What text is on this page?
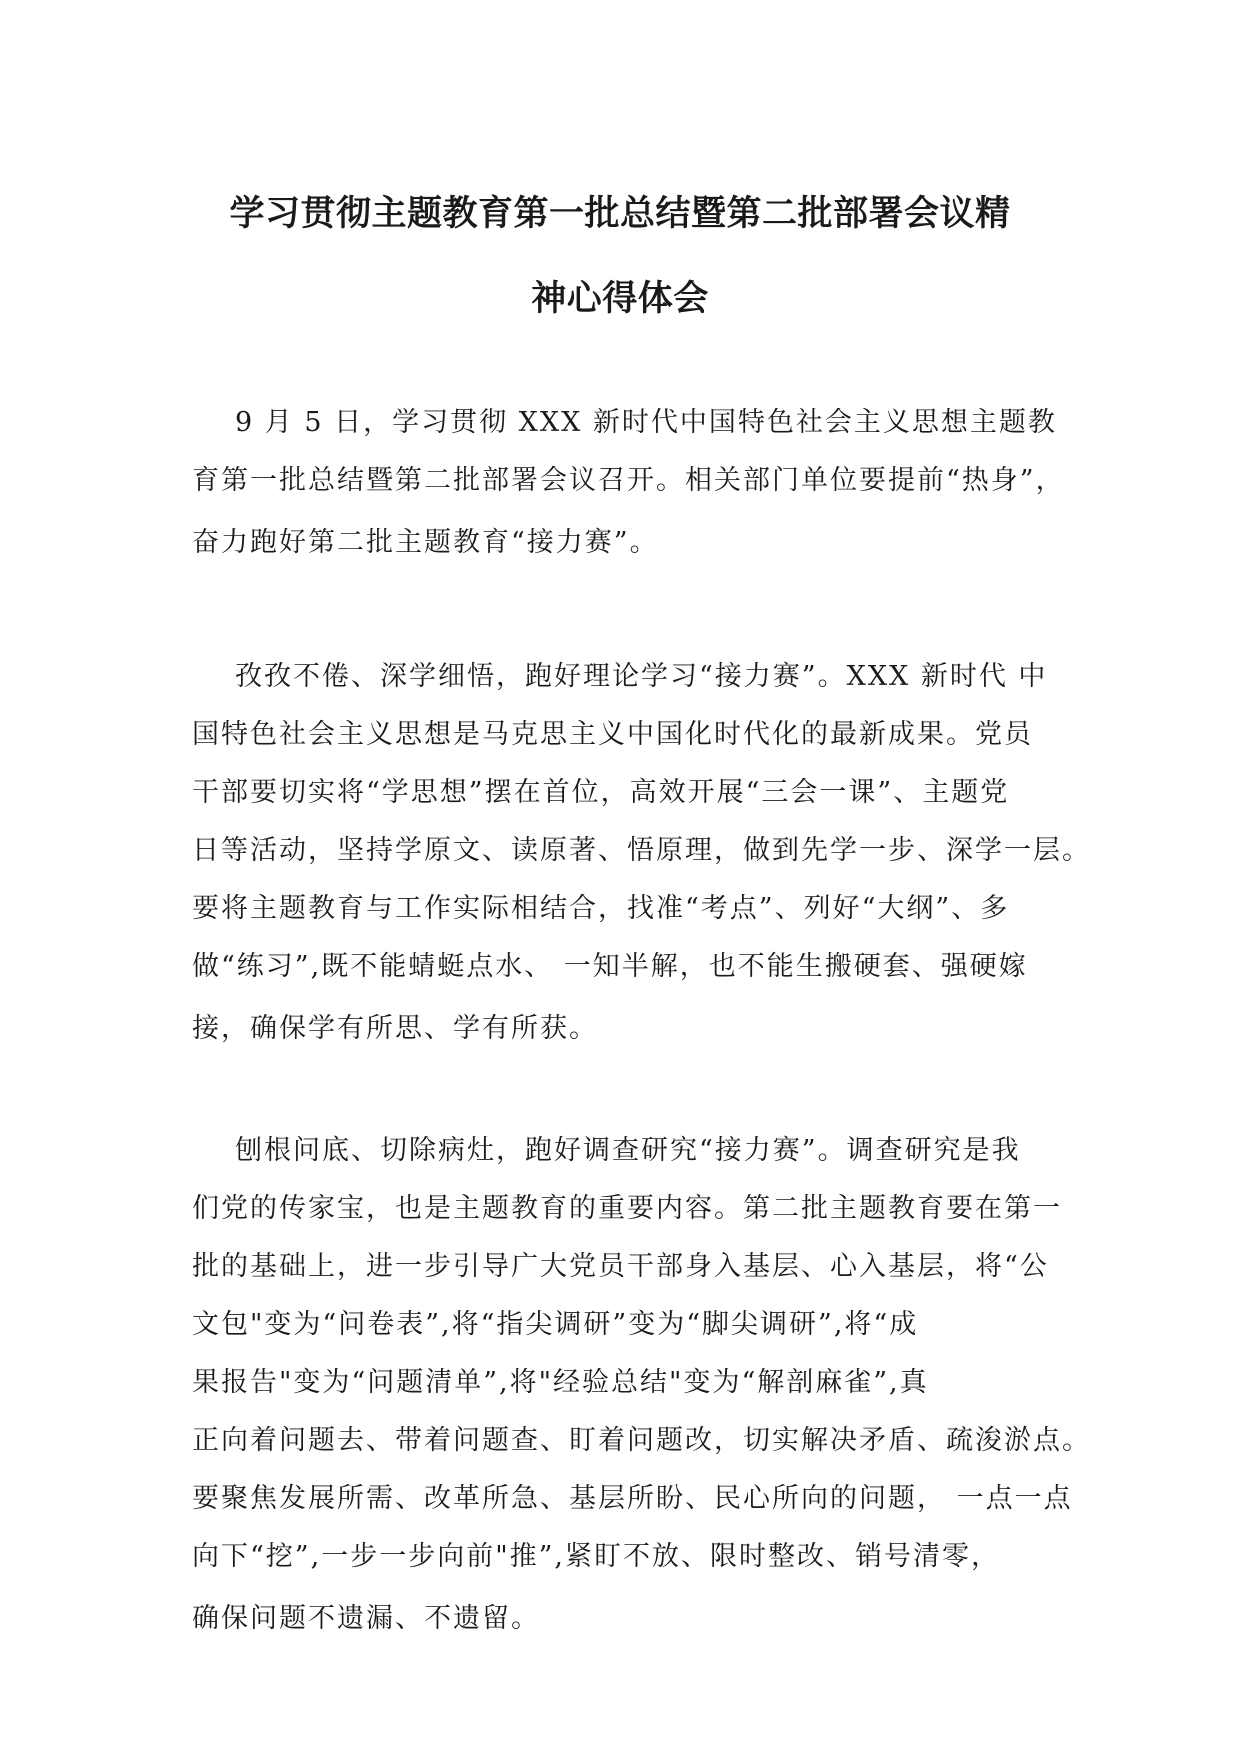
学习贯彻主题教育第一批总结暨第二批部署会议精
神心得体会
9 月 5 日，学习贯彻 XXX 新时代中国特色社会主义思想主题教
育第一批总结暨第二批部署会议召开。相关部门单位要提前“热身”，
奋力跑好第二批主题教育“接力赛”。
孜孜不倦、深学细悟，跑好理论学习“接力赛”。XXX 新时代 中
国特色社会主义思想是马克思主义中国化时代化的最新成果。党员
干部要切实将“学思想”摆在首位，高效开展“三会一课”、主题党
日等活动，坚持学原文、读原著、悟原理，做到先学一步、深学一层。
要将主题教育与工作实际相结合，找准“考点”、列好“大纲”、多
做“练习”,既不能蜻蜓点水、 一知半解，也不能生搬硬套、强硬嫁
接，确保学有所思、学有所获。
刨根问底、切除病灶，跑好调查研究“接力赛”。调查研究是我
们党的传家宝，也是主题教育的重要内容。第二批主题教育要在第一
批的基础上，进一步引导广大党员干部身入基层、心入基层，将“公
文包"变为“问卷表”,将“指尖调研”变为“脚尖调研”,将“成
果报告"变为“问题清单”,将"经验总结"变为“解剖麻雀”,真
正向着问题去、带着问题查、盯着问题改，切实解决矛盾、疏浚淤点。
要聚焦发展所需、改革所急、基层所盼、民心所向的问题， 一点一点
向下“挖”,一步一步向前"推”,紧盯不放、限时整改、销号清零，
确保问题不遗漏、不遗留。
